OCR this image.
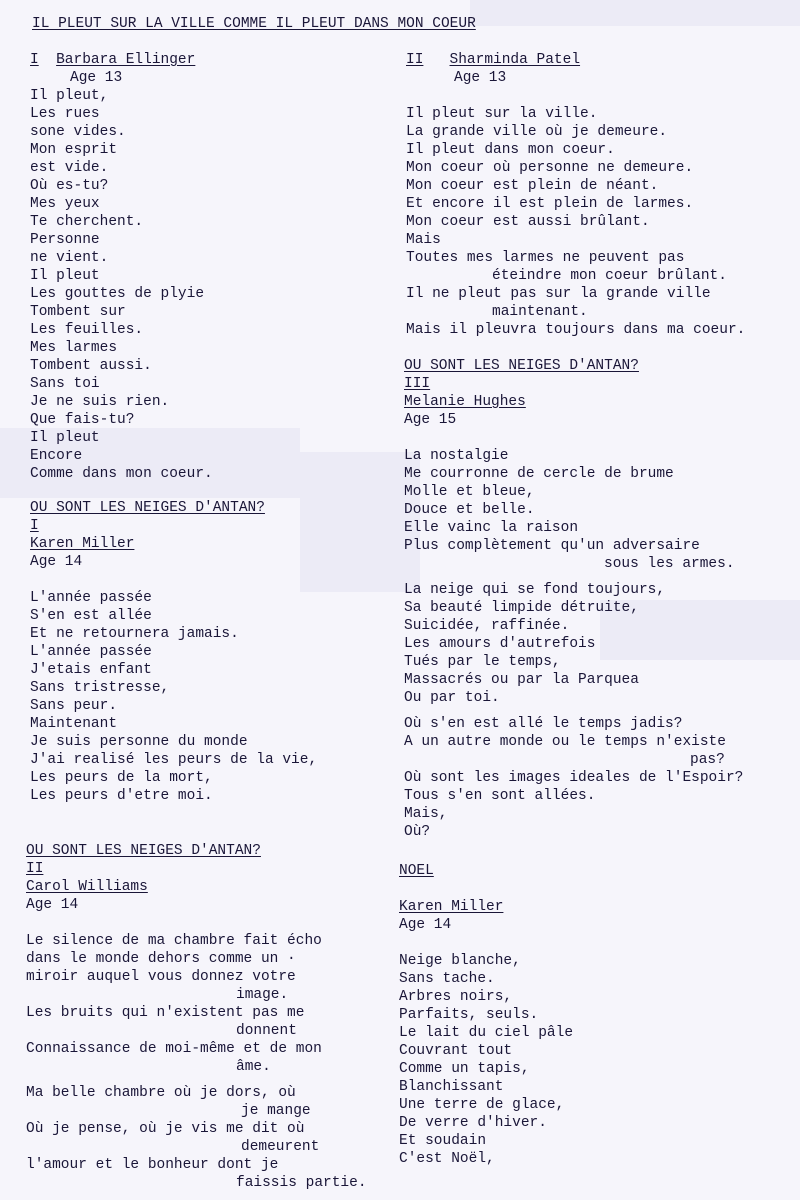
IL PLEUT SUR LA VILLE COMME IL PLEUT DANS MON COEUR
I Barbara Ellinger
Age 13
Il pleut,
Les rues
sone vides.
Mon esprit
est vide.
Où es-tu?
Mes yeux
Te cherchent.
Personne
ne vient.
Il pleut
Les gouttes de plyie
Tombent sur
Les feuilles.
Mes larmes
Tombent aussi.
Sans toi
Je ne suis rien.
Que fais-tu?
Il pleut
Encore
Comme dans mon coeur.
OU SONT LES NEIGES D'ANTAN?
I
Karen Miller
Age 14
L'année passée
S'en est allée
Et ne retournera jamais.
L'année passée
J'etais enfant
Sans tristresse,
Sans peur.
Maintenant
Je suis personne du monde
J'ai realisé les peurs de la vie,
Les peurs de la mort,
Les peurs d'etre moi.
OU SONT LES NEIGES D'ANTAN?
II
Carol Williams
Age 14
Le silence de ma chambre fait écho
dans le monde dehors comme un ·
miroir auquel vous donnez votre
image.
Les bruits qui n'existent pas me
donnent
Connaissance de moi-même et de mon
âme.
Ma belle chambre où je dors, où
je mange
Où je pense, où je vis me dit où
demeurent
l'amour et le bonheur dont je
faissis partie.
II Sharminda Patel
Age 13
Il pleut sur la ville.
La grande ville où je demeure.
Il pleut dans mon coeur.
Mon coeur où personne ne demeure.
Mon coeur est plein de néant.
Et encore il est plein de larmes.
Mon coeur est aussi brûlant.
Mais
Toutes mes larmes ne peuvent pas
éteindre mon coeur brûlant.
Il ne pleut pas sur la grande ville
maintenant.
Mais il pleuvra toujours dans ma coeur.
OU SONT LES NEIGES D'ANTAN?
III
Melanie Hughes
Age 15
La nostalgie
Me courronne de cercle de brume
Molle et bleue,
Douce et belle.
Elle vainc la raison
Plus complètement qu'un adversaire
sous les armes.
La neige qui se fond toujours,
Sa beauté limpide détruite,
Suicidée, raffinée.
Les amours d'autrefois
Tués par le temps,
Massacrés ou par la Parquea
Ou par toi.
Où s'en est allé le temps jadis?
A un autre monde ou le temps n'existe
pas?
Où sont les images ideales de l'Espoir?
Tous s'en sont allées.
Mais,
Où?
NOEL
Karen Miller
Age 14
Neige blanche,
Sans tache.
Arbres noirs,
Parfaits, seuls.
Le lait du ciel pâle
Couvrant tout
Comme un tapis,
Blanchissant
Une terre de glace,
De verre d'hiver.
Et soudain
C'est Noël,
